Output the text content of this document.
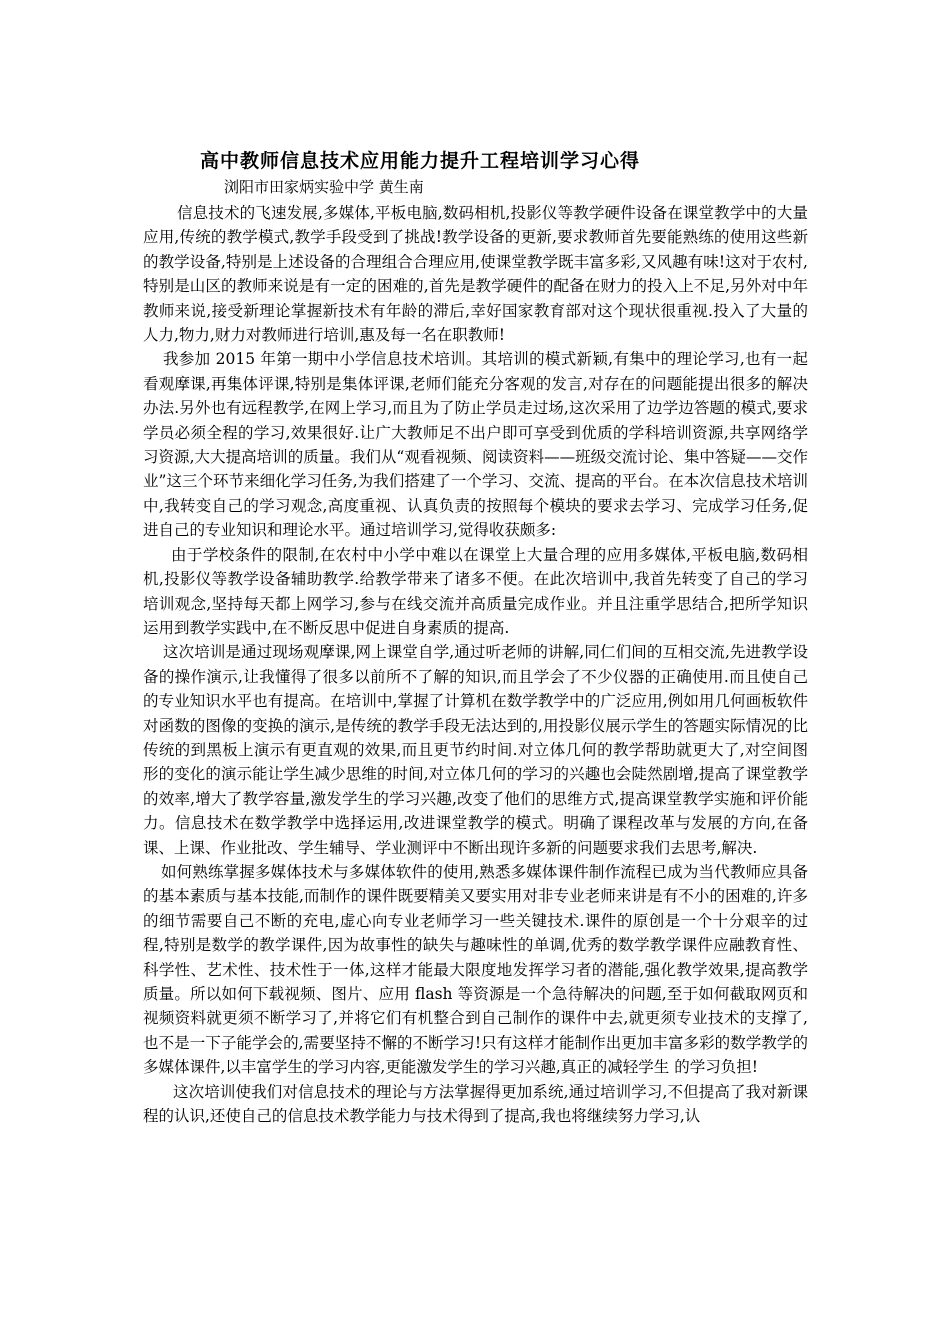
高中教师信息技术应用能力提升工程培训学习心得
浏阳市田家炳实验中学 黄生南

信息技术的飞速发展,多媒体,平板电脑,数码相机,投影仪等教学硬件设备在课堂教学中的大量应用,传统的教学模式,教学手段受到了挑战!教学设备的更新,要求教师首先要能熟练的使用这些新的教学设备,特别是上述设备的合理组合合理应用,使课堂教学既丰富多彩,又风趣有味!这对于农村,特别是山区的教师来说是有一定的困难的,首先是教学硬件的配备在财力的投入上不足,另外对中年教师来说,接受新理论掌握新技术有年龄的滞后,幸好国家教育部对这个现状很重视.投入了大量的人力,物力,财力对教师进行培训,惠及每一名在职教师!

我参加 2015 年第一期中小学信息技术培训。其培训的模式新颖,有集中的理论学习,也有一起看观摩课,再集体评课,特别是集体评课,老师们能充分客观的发言,对存在的问题能提出很多的解决办法.另外也有远程教学,在网上学习,而且为了防止学员走过场,这次采用了边学边答题的模式,要求学员必须全程的学习,效果很好.让广大教师足不出户即可享受到优质的学科培训资源,共享网络学习资源,大大提高培训的质量。我们从“观看视频、阅读资料——班级交流讨论、集中答疑——交作业”这三个环节来细化学习任务,为我们搭建了一个学习、交流、提高的平台。在本次信息技术培训中,我转变自己的学习观念,高度重视、认真负责的按照每个模块的要求去学习、完成学习任务,促进自己的专业知识和理论水平。通过培训学习,觉得收获颇多:

由于学校条件的限制,在农村中小学中难以在课堂上大量合理的应用多媒体,平板电脑,数码相机,投影仪等教学设备辅助教学.给教学带来了诸多不便。在此次培训中,我首先转变了自己的学习培训观念,坚持每天都上网学习,参与在线交流并高质量完成作业。并且注重学思结合,把所学知识运用到教学实践中,在不断反思中促进自身素质的提高.

这次培训是通过现场观摩课,网上课堂自学,通过听老师的讲解,同仁们间的互相交流,先进教学设备的操作演示,让我懂得了很多以前所不了解的知识,而且学会了不少仪器的正确使用.而且使自己的专业知识水平也有提高。在培训中,掌握了计算机在数学教学中的广泛应用,例如用几何画板软件对函数的图像的变换的演示,是传统的教学手段无法达到的,用投影仪展示学生的答题实际情况的比传统的到黑板上演示有更直观的效果,而且更节约时间.对立体几何的教学帮助就更大了,对空间图形的变化的演示能让学生减少思维的时间,对立体几何的学习的兴趣也会陡然剧增,提高了课堂教学的效率,增大了教学容量,激发学生的学习兴趣,改变了他们的思维方式,提高课堂教学实施和评价能力。信息技术在数学教学中选择运用,改进课堂教学的模式。明确了课程改革与发展的方向,在备课、上课、作业批改、学生辅导、学业测评中不断出现许多新的问题要求我们去思考,解决.

如何熟练掌握多媒体技术与多媒体软件的使用,熟悉多媒体课件制作流程已成为当代教师应具备的基本素质与基本技能,而制作的课件既要精美又要实用对非专业老师来讲是有不小的困难的,许多的细节需要自己不断的充电,虚心向专业老师学习一些关键技术.课件的原创是一个十分艰辛的过程,特别是数学的教学课件,因为故事性的缺失与趣味性的单调,优秀的数学教学课件应融教育性、科学性、艺术性、技术性于一体,这样才能最大限度地发挥学习者的潜能,强化教学效果,提高教学质量。所以如何下载视频、图片、应用 flash 等资源是一个急待解决的问题,至于如何截取网页和视频资料就更须不断学习了,并将它们有机整合到自己制作的课件中去,就更须专业技术的支撑了,也不是一下子能学会的,需要坚持不懈的不断学习!只有这样才能制作出更加丰富多彩的数学教学的多媒体课件,以丰富学生的学习内容,更能激发学生的学习兴趣,真正的减轻学生 的学习负担!

这次培训使我们对信息技术的理论与方法掌握得更加系统,通过培训学习,不但提高了我对新课程的认识,还使自己的信息技术教学能力与技术得到了提高,我也将继续努力学习,认
